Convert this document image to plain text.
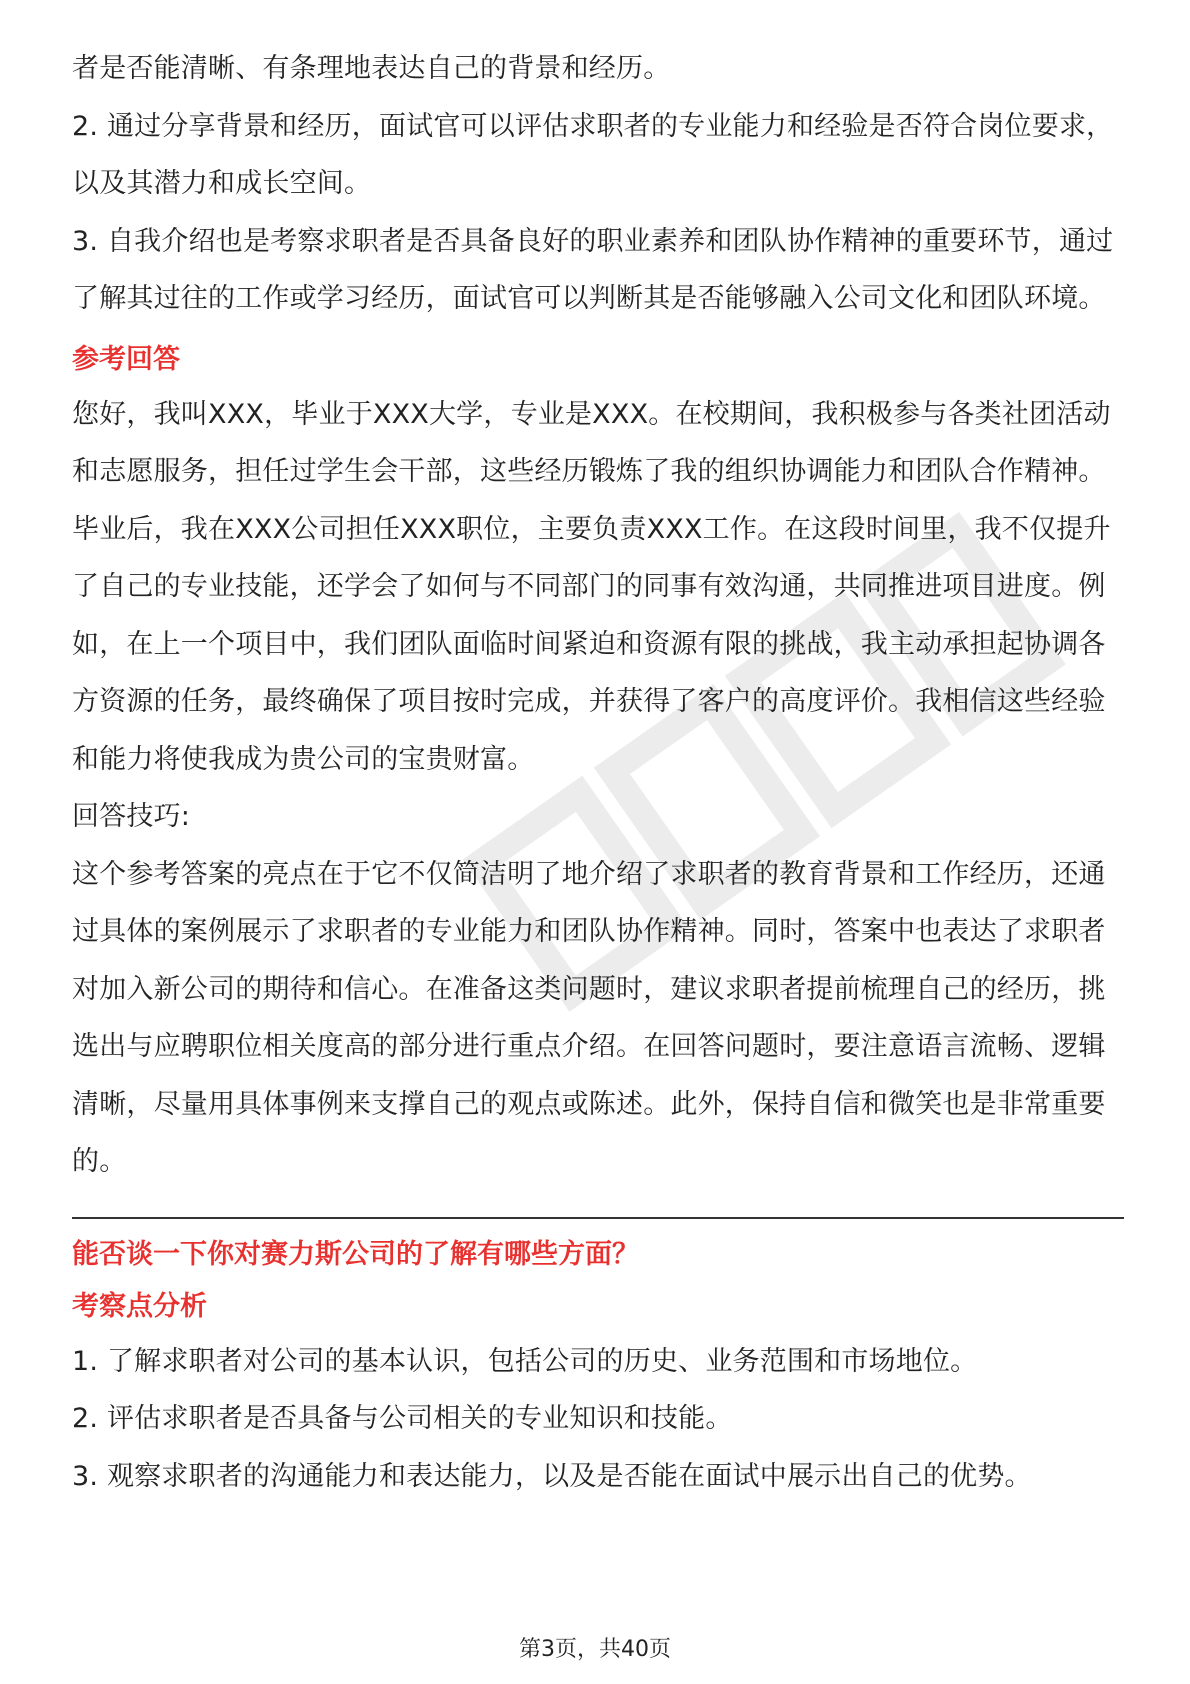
者是否能清晰、有条理地表达自己的背景和经历。

2. 通过分享背景和经历，面试官可以评估求职者的专业能力和经验是否符合岗位要求，以及其潜力和成长空间。

3. 自我介绍也是考察求职者是否具备良好的职业素养和团队协作精神的重要环节，通过了解其过往的工作或学习经历，面试官可以判断其是否能够融入公司文化和团队环境。

参考回答

您好，我叫XXX，毕业于XXX大学，专业是XXX。在校期间，我积极参与各类社团活动和志愿服务，担任过学生会干部，这些经历锻炼了我的组织协调能力和团队合作精神。毕业后，我在XXX公司担任XXX职位，主要负责XXX工作。在这段时间里，我不仅提升了自己的专业技能，还学会了如何与不同部门的同事有效沟通，共同推进项目进度。例如，在上一个项目中，我们团队面临时间紧迫和资源有限的挑战，我主动承担起协调各方资源的任务，最终确保了项目按时完成，并获得了客户的高度评价。我相信这些经验和能力将使我成为贵公司的宝贵财富。

回答技巧:

这个参考答案的亮点在于它不仅简洁明了地介绍了求职者的教育背景和工作经历，还通过具体的案例展示了求职者的专业能力和团队协作精神。同时，答案中也表达了求职者对加入新公司的期待和信心。在准备这类问题时，建议求职者提前梳理自己的经历，挑选出与应聘职位相关度高的部分进行重点介绍。在回答问题时，要注意语言流畅、逻辑清晰，尽量用具体事例来支撑自己的观点或陈述。此外，保持自信和微笑也是非常重要的。

能否谈一下你对赛力斯公司的了解有哪些方面？
考察点分析

1. 了解求职者对公司的基本认识，包括公司的历史、业务范围和市场地位。

2. 评估求职者是否具备与公司相关的专业知识和技能。

3. 观察求职者的沟通能力和表达能力，以及是否能在面试中展示出自己的优势。

第3页，共40页
